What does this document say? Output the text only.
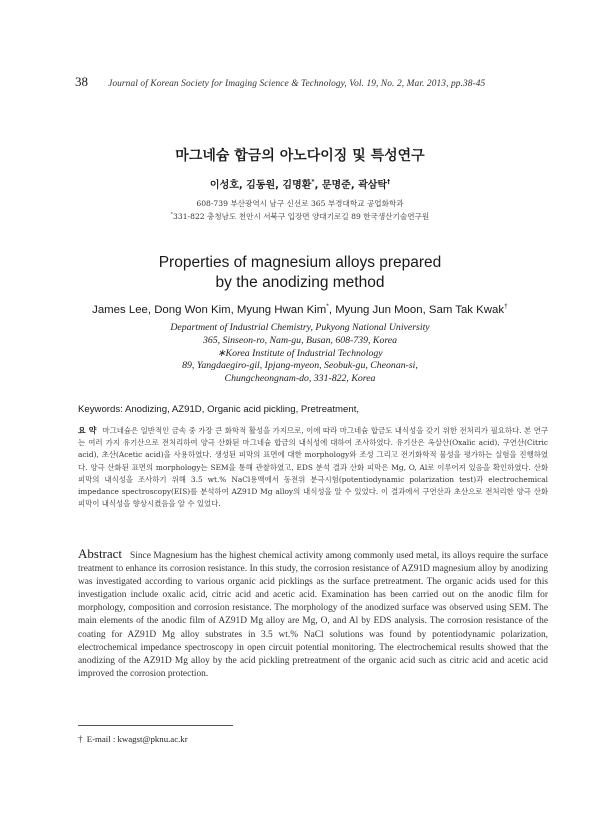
38 Journal of Korean Society for Imaging Science & Technology, Vol. 19, No. 2, Mar. 2013, pp.38-45
마그네슘 합금의 아노다이징 및 특성연구
이성호, 김동원, 김명환*, 문명준, 곽삼탁†
608-739 부산광역시 남구 신선로 365 부경대학교 공업화학과
*331-822 충청남도 천안시 서북구 입장면 양대기로길 89 한국생산기술연구원
Properties of magnesium alloys prepared
by the anodizing method
James Lee, Dong Won Kim, Myung Hwan Kim*, Myung Jun Moon, Sam Tak Kwak†
Department of Industrial Chemistry, Pukyong National University
365, Sinseon-ro, Nam-gu, Busan, 608-739, Korea
∗Korea Institute of Industrial Technology
89, Yangdaegiro-gil, Ipjang-myeon, Seobuk-gu, Cheonan-si,
Chungcheongnam-do, 331-822, Korea
Keywords: Anodizing, AZ91D, Organic acid pickling, Pretreatment,
요 약 마그네슘은 일반적인 금속 중 가장 큰 화학적 활성을 가지므로, 이에 따라 마그네슘 합금도 내식성을 갖기 위한 전처리가 필요하다. 본 연구는 여러 가지 유기산으로 전처리하여 양극 산화된 마그네슘 합금의 내식성에 대하여 조사하였다. 유기산은 옥살산(Oxalic acid), 구연산(Citric acid), 초산(Acetic acid)을 사용하였다. 생성된 피막의 표면에 대한 morphology와 조성 그리고 전기화학적 물성을 평가하는 실험을 진행하였다. 양극 산화된 표면의 morphology는 SEM을 통해 관찰하였고, EDS 분석 결과 산화 피막은 Mg, O, Al로 이루어져 있음을 확인하였다. 산화 피막의 내식성을 조사하기 위해 3.5 wt.% NaCl용액에서 동전위 분극시험(potentiodynamic polarization test)과 electrochemical impedance spectroscopy(EIS)를 분석하여 AZ91D Mg alloy의 내식성을 알 수 있었다. 이 결과에서 구연산과 초산으로 전처리한 양극 산화 피막이 내식성을 향상시켰음을 알 수 있었다.
Abstract Since Magnesium has the highest chemical activity among commonly used metal, its alloys require the surface treatment to enhance its corrosion resistance. In this study, the corrosion resistance of AZ91D magnesium alloy by anodizing was investigated according to various organic acid picklings as the surface pretreatment. The organic acids used for this investigation include oxalic acid, citric acid and acetic acid. Examination has been carried out on the anodic film for morphology, composition and corrosion resistance. The morphology of the anodized surface was observed using SEM. The main elements of the anodic film of AZ91D Mg alloy are Mg, O, and Al by EDS analysis. The corrosion resistance of the coating for AZ91D Mg alloy substrates in 3.5 wt.% NaCl solutions was found by potentiodynamic polarization, electrochemical impedance spectroscopy in open circuit potential monitoring. The electrochemical results showed that the anodizing of the AZ91D Mg alloy by the acid pickling pretreatment of the organic acid such as citric acid and acetic acid improved the corrosion protection.
† E-mail : kwagst@pknu.ac.kr
